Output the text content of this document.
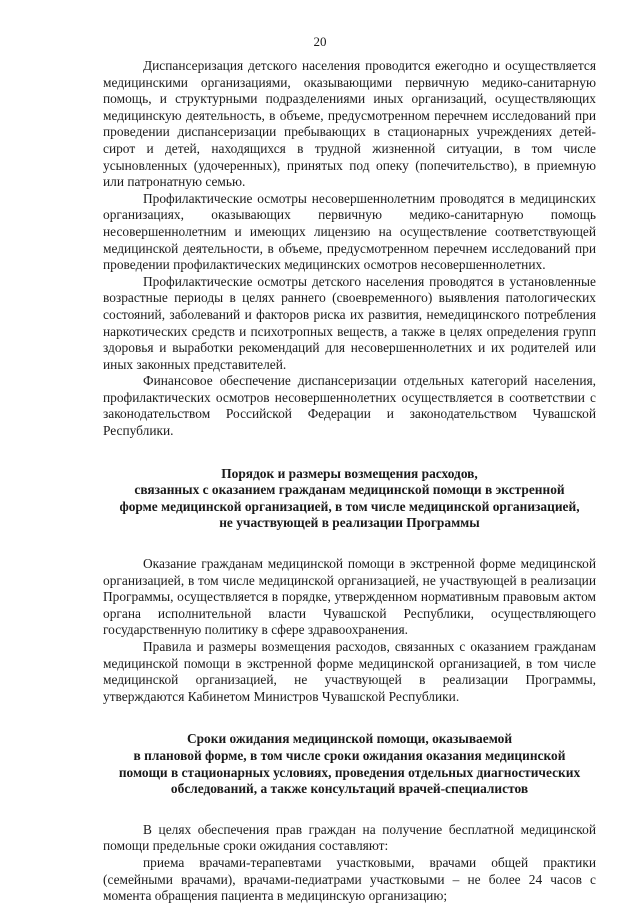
20

Диспансеризация детского населения проводится ежегодно и осуществляется медицинскими организациями, оказывающими первичную медико-санитарную помощь, и структурными подразделениями иных организаций, осуществляющих медицинскую деятельность, в объеме, предусмотренном перечнем исследований при проведении диспансеризации пребывающих в стационарных учреждениях детей-сирот и детей, находящихся в трудной жизненной ситуации, в том числе усыновленных (удочеренных), принятых под опеку (попечительство), в приемную или патронатную семью.

Профилактические осмотры несовершеннолетним проводятся в медицинских организациях, оказывающих первичную медико-санитарную помощь несовершеннолетним и имеющих лицензию на осуществление соответствующей медицинской деятельности, в объеме, предусмотренном перечнем исследований при проведении профилактических медицинских осмотров несовершеннолетних.

Профилактические осмотры детского населения проводятся в установленные возрастные периоды в целях раннего (своевременного) выявления патологических состояний, заболеваний и факторов риска их развития, немедицинского потребления наркотических средств и психотропных веществ, а также в целях определения групп здоровья и выработки рекомендаций для несовершеннолетних и их родителей или иных законных представителей.

Финансовое обеспечение диспансеризации отдельных категорий населения, профилактических осмотров несовершеннолетних осуществляется в соответствии с законодательством Российской Федерации и законодательством Чувашской Республики.

Порядок и размеры возмещения расходов,
связанных с оказанием гражданам медицинской помощи в экстренной
форме медицинской организацией, в том числе медицинской организацией,
не участвующей в реализации Программы

Оказание гражданам медицинской помощи в экстренной форме медицинской организацией, в том числе медицинской организацией, не участвующей в реализации Программы, осуществляется в порядке, утвержденном нормативным правовым актом органа исполнительной власти Чувашской Республики, осуществляющего государственную политику в сфере здравоохранения.

Правила и размеры возмещения расходов, связанных с оказанием гражданам медицинской помощи в экстренной форме медицинской организацией, в том числе медицинской организацией, не участвующей в реализации Программы, утверждаются Кабинетом Министров Чувашской Республики.

Сроки ожидания медицинской помощи, оказываемой
в плановой форме, в том числе сроки ожидания оказания медицинской
помощи в стационарных условиях, проведения отдельных диагностических
обследований, а также консультаций врачей-специалистов

В целях обеспечения прав граждан на получение бесплатной медицинской помощи предельные сроки ожидания составляют:

приема врачами-терапевтами участковыми, врачами общей практики (семейными врачами), врачами-педиатрами участковыми – не более 24 часов с момента обращения пациента в медицинскую организацию;
